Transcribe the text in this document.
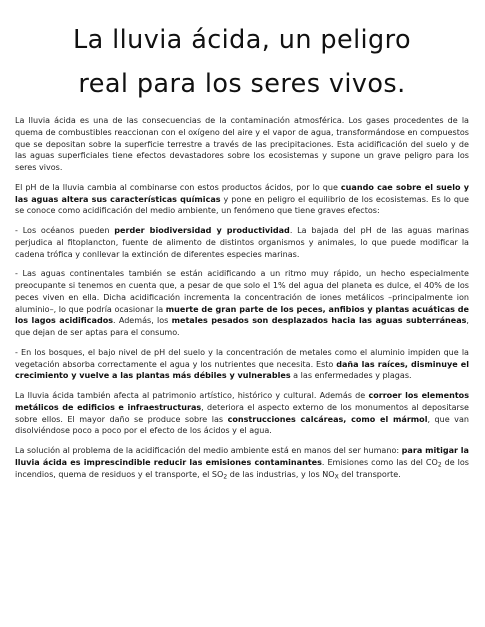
La lluvia ácida, un peligro
real para los seres vivos.

La lluvia ácida es una de las consecuencias de la contaminación atmosférica. Los gases procedentes de la quema de combustibles reaccionan con el oxígeno del aire y el vapor de agua, transformándose en compuestos que se depositan sobre la superficie terrestre a través de las precipitaciones. Esta acidificación del suelo y de las aguas superficiales tiene efectos devastadores sobre los ecosistemas y supone un grave peligro para los seres vivos.

El pH de la lluvia cambia al combinarse con estos productos ácidos, por lo que cuando cae sobre el suelo y las aguas altera sus características químicas y pone en peligro el equilibrio de los ecosistemas. Es lo que se conoce como acidificación del medio ambiente, un fenómeno que tiene graves efectos:

- Los océanos pueden perder biodiversidad y productividad. La bajada del pH de las aguas marinas perjudica al fitoplancton, fuente de alimento de distintos organismos y animales, lo que puede modificar la cadena trófica y conllevar la extinción de diferentes especies marinas.

- Las aguas continentales también se están acidificando a un ritmo muy rápido, un hecho especialmente preocupante si tenemos en cuenta que, a pesar de que solo el 1% del agua del planeta es dulce, el 40% de los peces viven en ella. Dicha acidificación incrementa la concentración de iones metálicos –principalmente ion aluminio–, lo que podría ocasionar la muerte de gran parte de los peces, anfibios y plantas acuáticas de los lagos acidificados. Además, los metales pesados son desplazados hacia las aguas subterráneas, que dejan de ser aptas para el consumo.

- En los bosques, el bajo nivel de pH del suelo y la concentración de metales como el aluminio impiden que la vegetación absorba correctamente el agua y los nutrientes que necesita. Esto daña las raíces, disminuye el crecimiento y vuelve a las plantas más débiles y vulnerables a las enfermedades y plagas.

La lluvia ácida también afecta al patrimonio artístico, histórico y cultural. Además de corroer los elementos metálicos de edificios e infraestructuras, deteriora el aspecto externo de los monumentos al depositarse sobre ellos. El mayor daño se produce sobre las construcciones calcáreas, como el mármol, que van disolviéndose poco a poco por el efecto de los ácidos y el agua.

La solución al problema de la acidificación del medio ambiente está en manos del ser humano: para mitigar la lluvia ácida es imprescindible reducir las emisiones contaminantes. Emisiones como las del $CO_2$ de los incendios, quema de residuos y el transporte, el $SO_2$ de las industrias, y los $NO_X$ del transporte.
